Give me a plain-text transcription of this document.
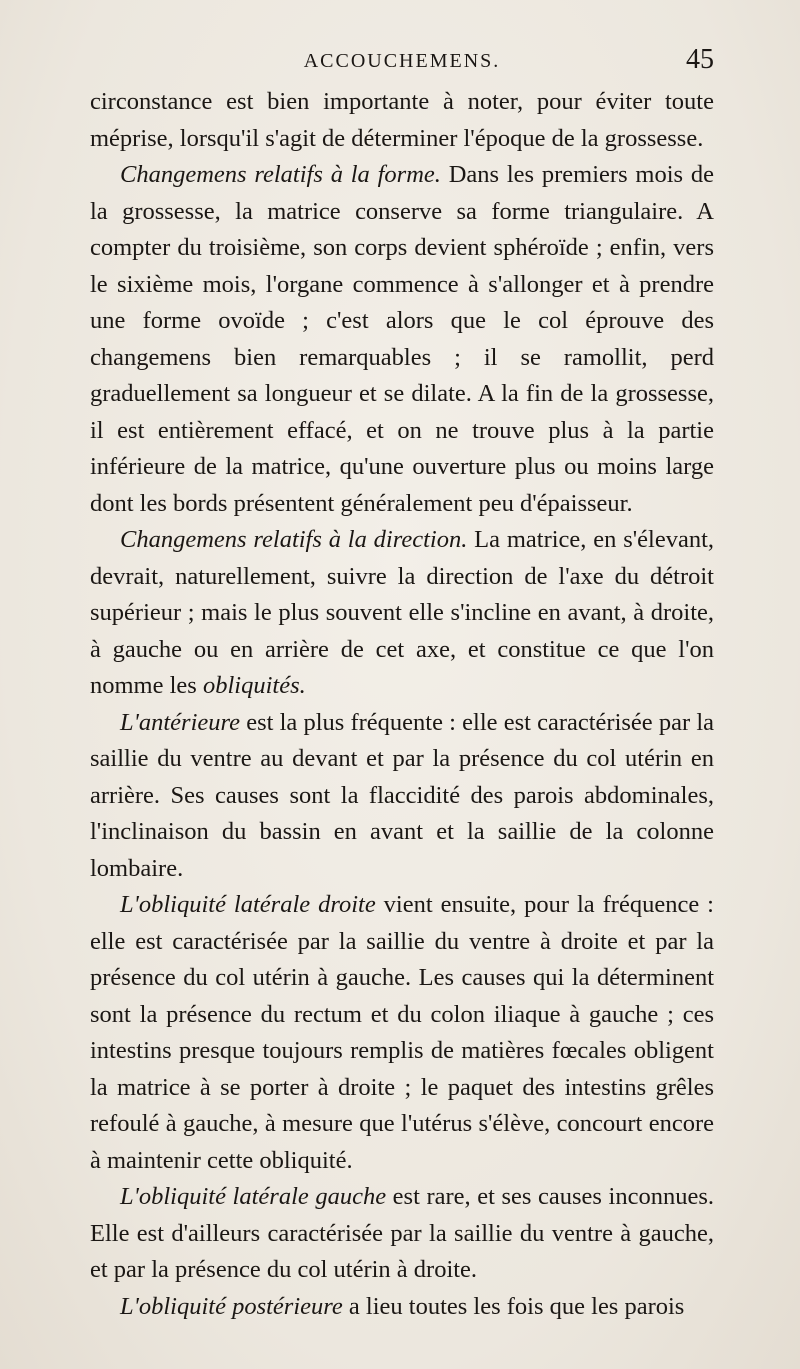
ACCOUCHEMENS.	45

circonstance est bien importante à noter, pour éviter toute méprise, lorsqu'il s'agit de déterminer l'époque de la grossesse.

Changemens relatifs à la forme. Dans les premiers mois de la grossesse, la matrice conserve sa forme triangulaire. A compter du troisième, son corps devient sphéroïde ; enfin, vers le sixième mois, l'organe commence à s'allonger et à prendre une forme ovoïde ; c'est alors que le col éprouve des changemens bien remarquables ; il se ramollit, perd graduellement sa longueur et se dilate. A la fin de la grossesse, il est entièrement effacé, et on ne trouve plus à la partie inférieure de la matrice, qu'une ouverture plus ou moins large dont les bords présentent généralement peu d'épaisseur.

Changemens relatifs à la direction. La matrice, en s'élevant, devrait, naturellement, suivre la direction de l'axe du détroit supérieur ; mais le plus souvent elle s'incline en avant, à droite, à gauche ou en arrière de cet axe, et constitue ce que l'on nomme les obliquités.

L'antérieure est la plus fréquente : elle est caractérisée par la saillie du ventre au devant et par la présence du col utérin en arrière. Ses causes sont la flaccidité des parois abdominales, l'inclinaison du bassin en avant et la saillie de la colonne lombaire.

L'obliquité latérale droite vient ensuite, pour la fréquence : elle est caractérisée par la saillie du ventre à droite et par la présence du col utérin à gauche. Les causes qui la déterminent sont la présence du rectum et du colon iliaque à gauche ; ces intestins presque toujours remplis de matières fœcales obligent la matrice à se porter à droite ; le paquet des intestins grêles refoulé à gauche, à mesure que l'utérus s'élève, concourt encore à maintenir cette obliquité.

L'obliquité latérale gauche est rare, et ses causes inconnues. Elle est d'ailleurs caractérisée par la saillie du ventre à gauche, et par la présence du col utérin à droite.

L'obliquité postérieure a lieu toutes les fois que les parois
